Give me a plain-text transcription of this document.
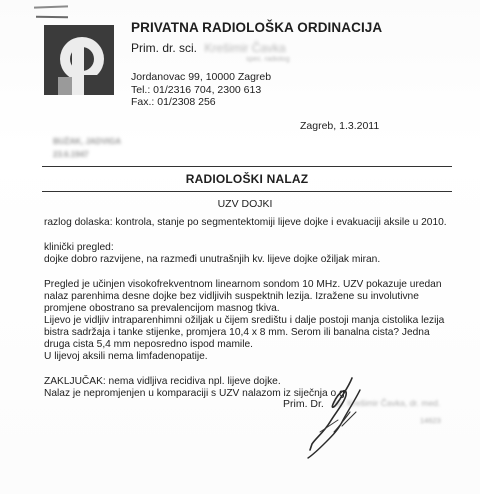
PRIVATNA RADIOLOŠKA ORDINACIJA
Prim. dr. sci. Krešimir Čavka
spec. radiolog
Jordanovac 99, 10000 Zagreb
Tel.: 01/2316 704, 2300 613
Fax.: 01/2308 256
Zagreb, 1.3.2011
BUŽAK, JADVIGA
23.6.1947
RADIOLOŠKI NALAZ
UZV DOJKI
razlog dolaska: kontrola, stanje po segmentektomiji lijeve dojke i evakuaciji aksile u 2010.
klinički pregled:
dojke dobro razvijene, na razmeđi unutrašnjih kv. lijeve dojke ožiljak miran.
Pregled je učinjen visokofrekventnom linearnom sondom 10 MHz. UZV pokazuje uredan
nalaz parenhima desne dojke bez vidljivih suspektnih lezija. Izražene su involutivne
promjene obostrano sa prevalencijom masnog tkiva.
Lijevo je vidljiv intraparenhimni ožiljak u čijem središtu i dalje postoji manja cistolika lezija
bistra sadržaja i tanke stijenke, promjera 10,4 x 8 mm. Serom ili banalna cista? Jedna
druga cista 5,4 mm neposredno ispod mamile.
U lijevoj aksili nema limfadenopatije.
ZAKLJUČAK: nema vidljiva recidiva npl. lijeve dojke.
Nalaz je nepromjenjen u komparaciji s UZV nalazom iz siječnja o.g.
Prim. Dr. sc. Krešimir Čavka, dr. med.
14623
